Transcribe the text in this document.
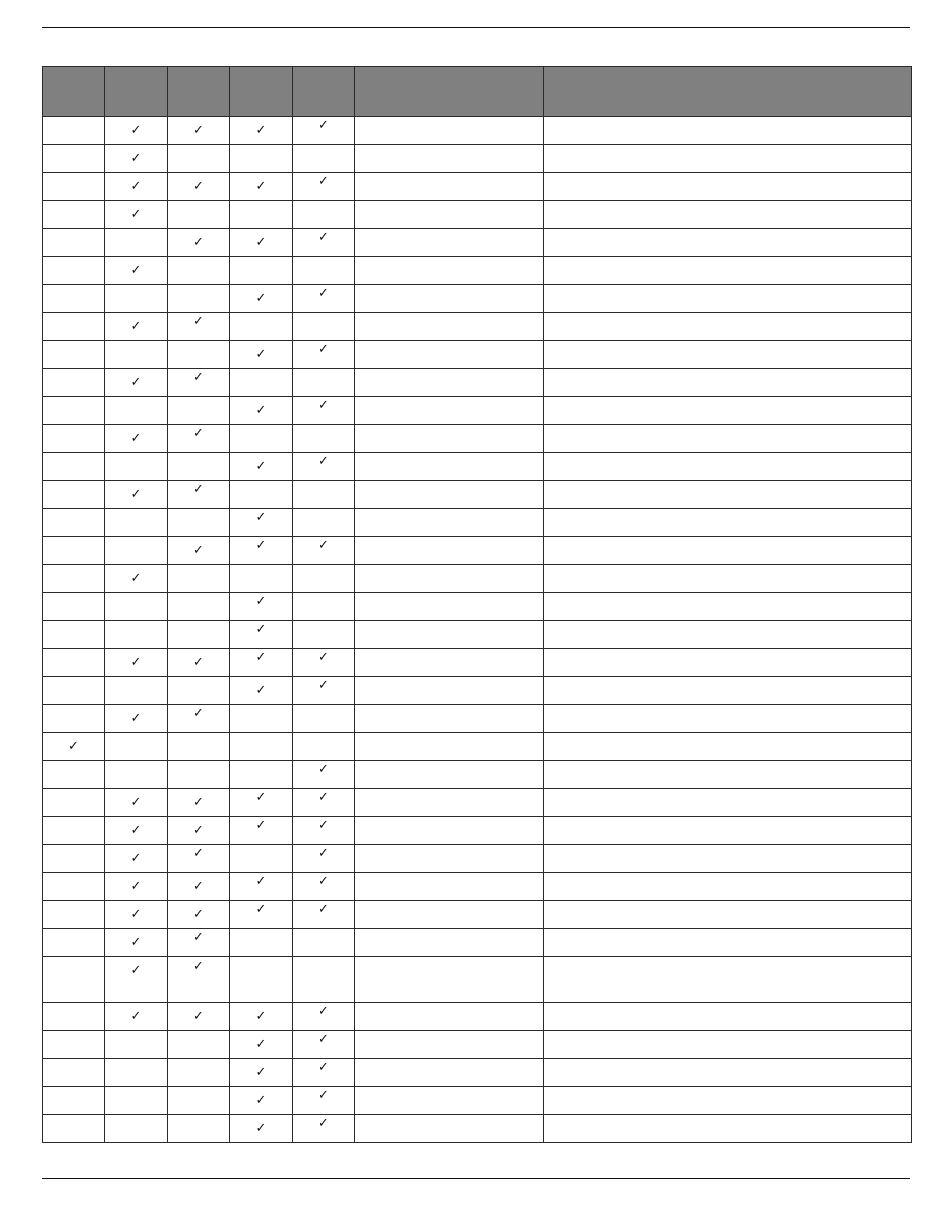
	✓	✓	✓	✓		

	✓					

	✓	✓	✓	✓		

	✓					

		✓	✓	✓		

	✓					

			✓	✓		

	✓	✓				

			✓	✓		

	✓	✓				

			✓	✓		

	✓	✓				

			✓	✓		

	✓	✓				

			✓			

		✓	✓	✓		

	✓					

			✓			

			✓			

	✓	✓	✓	✓		

			✓	✓		

	✓	✓				

✓						

				✓		

	✓	✓	✓	✓		

	✓	✓	✓	✓		

	✓	✓		✓		

	✓	✓	✓	✓		

	✓	✓	✓	✓		

	✓	✓				

	✓	✓				

	✓	✓	✓	✓		

			✓	✓		

			✓	✓		

			✓	✓		

			✓	✓		
